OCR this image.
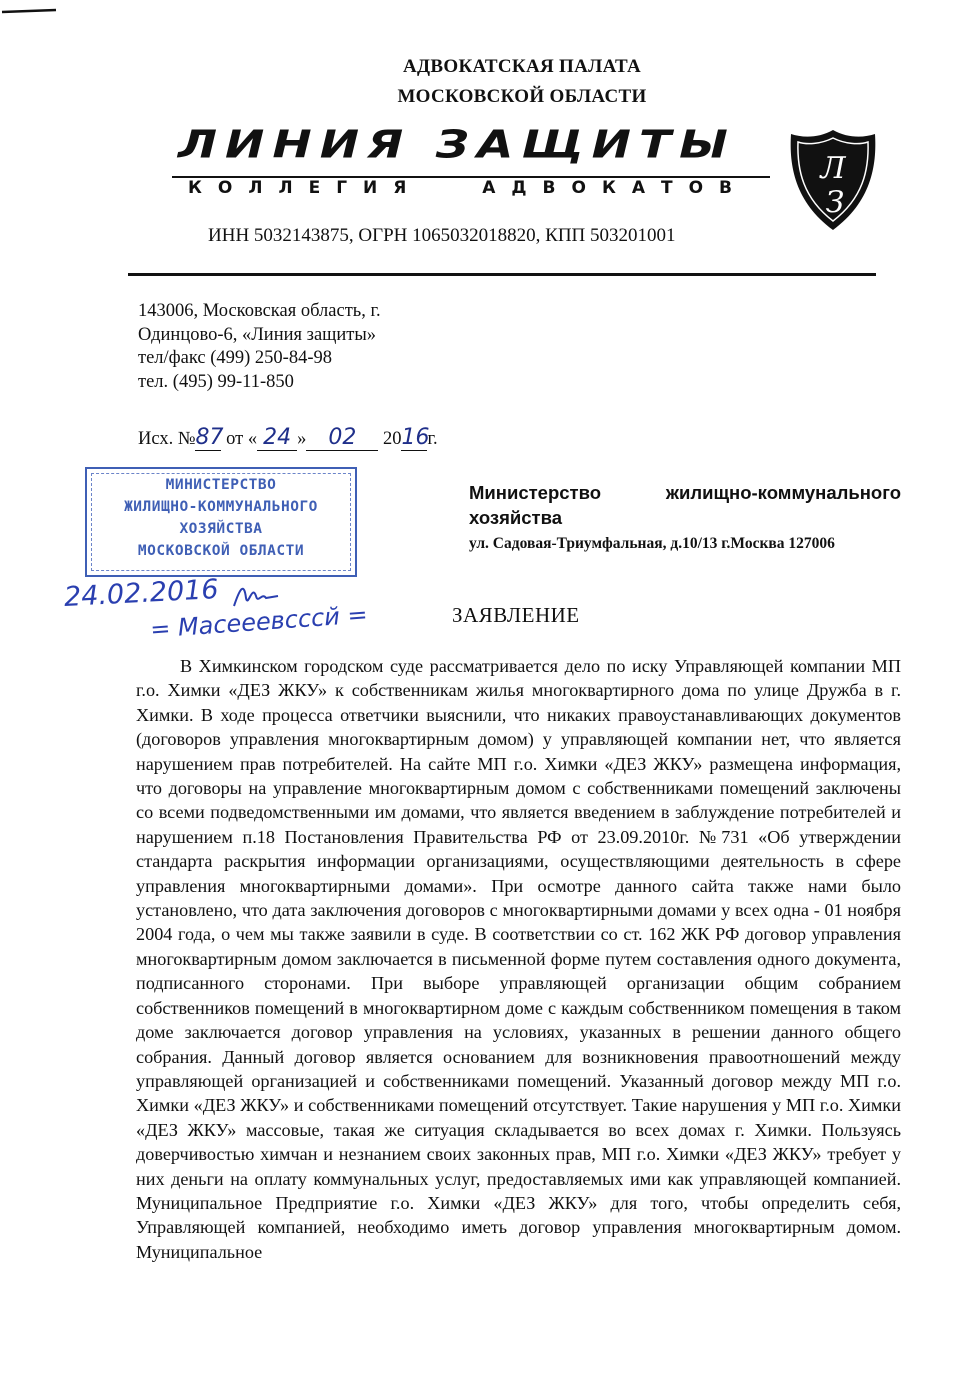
АДВОКАТСКАЯ ПАЛАТА
МОСКОВСКОЙ ОБЛАСТИ
ЛИНИЯ ЗАЩИТЫ
КОЛЛЕГИЯ	АДВОКАТОВ
Л
З
ИНН 5032143875, ОГРН 1065032018820, КПП 503201001
143006, Московская область, г.
Одинцово-6, «Линия защиты»
тел/факс (499) 250-84-98
тел. (495) 99-11-850
Исх. №87 от « 24 » 02 2016г.
МИНИСТЕРСТВО
ЖИЛИЩНО-КОММУНАЛЬНОГО
ХОЗЯЙСТВА
МОСКОВСКОЙ ОБЛАСТИ
24.02.2016
= Maceeeвcccй =
Министерство жилищно-коммунального хозяйства
ул. Садовая-Триумфальная, д.10/13 г.Москва 127006
ЗАЯВЛЕНИЕ
В Химкинском городском суде рассматривается дело по иску Управляющей компании МП г.о. Химки «ДЕЗ ЖКУ» к собственникам жилья многоквартирного дома по улице Дружба в г. Химки. В ходе процесса ответчики выяснили, что никаких правоустанавливающих документов (договоров управления многоквартирным домом) у управляющей компании нет, что является нарушением прав потребителей. На сайте МП г.о. Химки «ДЕЗ ЖКУ» размещена информация, что договоры на управление многоквартирным домом с собственниками помещений заключены со всеми подведомственными им домами, что является введением в заблуждение потребителей и нарушением п.18 Постановления Правительства РФ от 23.09.2010г. №731 «Об утверждении стандарта раскрытия информации организациями, осуществляющими деятельность в сфере управления многоквартирными домами». При осмотре данного сайта также нами было установлено, что дата заключения договоров с многоквартирными домами у всех одна - 01 ноября 2004 года, о чем мы также заявили в суде. В соответствии со ст. 162 ЖК РФ договор управления многоквартирным домом заключается в письменной форме путем составления одного документа, подписанного сторонами. При выборе управляющей организации общим собранием собственников помещений в многоквартирном доме с каждым собственником помещения в таком доме заключается договор управления на условиях, указанных в решении данного общего собрания. Данный договор является основанием для возникновения правоотношений между управляющей организацией и собственниками помещений. Указанный договор между МП г.о. Химки «ДЕЗ ЖКУ» и собственниками помещений отсутствует. Такие нарушения у МП г.о. Химки «ДЕЗ ЖКУ» массовые, такая же ситуация складывается во всех домах г. Химки. Пользуясь доверчивостью химчан и незнанием своих законных прав, МП г.о. Химки «ДЕЗ ЖКУ» требует у них деньги на оплату коммунальных услуг, предоставляемых ими как управляющей компанией. Муниципальное Предприятие г.о. Химки «ДЕЗ ЖКУ» для того, чтобы определить себя, Управляющей компанией, необходимо иметь договор управления многоквартирным домом. Муниципальное
